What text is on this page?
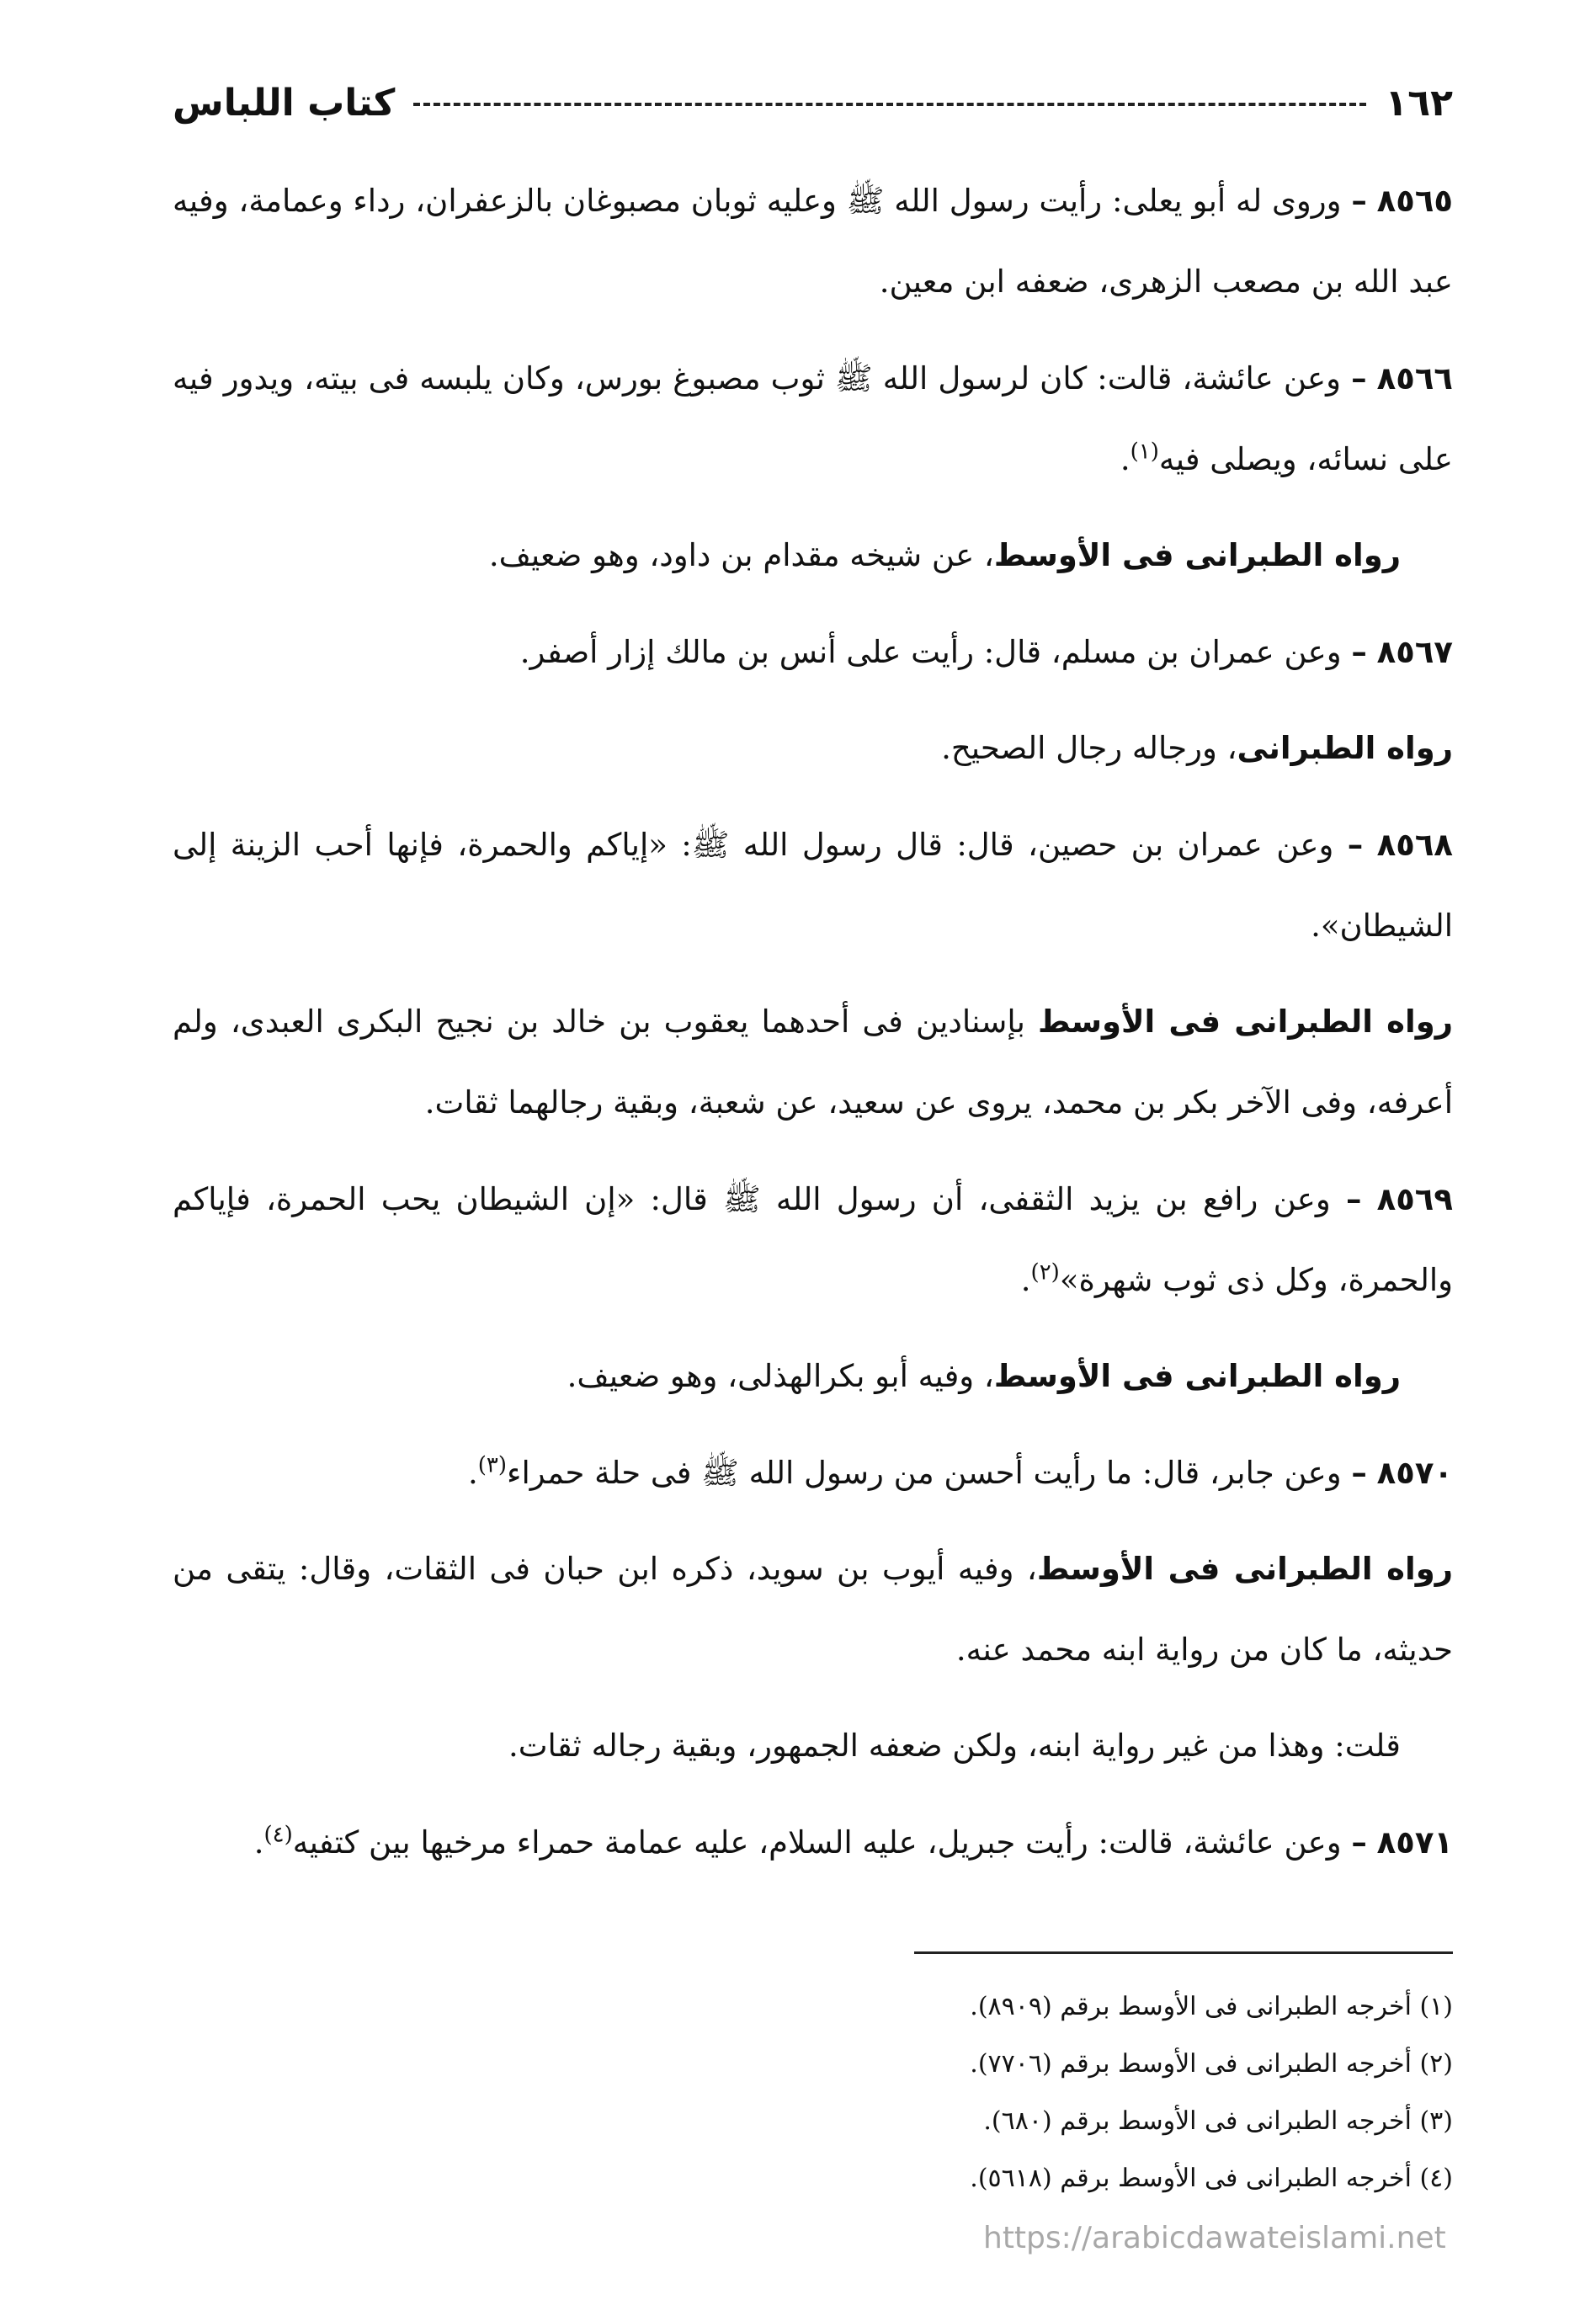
١٦٢
كتاب اللباس

٨٥٦٥ – وروى له أبو يعلى: رأيت رسول الله ﷺ وعليه ثوبان مصبوغان بالزعفران، رداء وعمامة، وفيه عبد الله بن مصعب الزهرى، ضعفه ابن معين.

٨٥٦٦ – وعن عائشة، قالت: كان لرسول الله ﷺ ثوب مصبوغ بورس، وكان يلبسه فى بيته، ويدور فيه على نسائه، ويصلى فيه$^{(١)}$.

رواه الطبرانى فى الأوسط، عن شيخه مقدام بن داود، وهو ضعيف.

٨٥٦٧ – وعن عمران بن مسلم، قال: رأيت على أنس بن مالك إزار أصفر.

رواه الطبرانى، ورجاله رجال الصحيح.

٨٥٦٨ – وعن عمران بن حصين، قال: قال رسول الله ﷺ: «إياكم والحمرة، فإنها أحب الزينة إلى الشيطان».

رواه الطبرانى فى الأوسط بإسنادين فى أحدهما يعقوب بن خالد بن نجيح البكرى العبدى، ولم أعرفه، وفى الآخر بكر بن محمد، يروى عن سعيد، عن شعبة، وبقية رجالهما ثقات.

٨٥٦٩ – وعن رافع بن يزيد الثقفى، أن رسول الله ﷺ قال: «إن الشيطان يحب الحمرة، فإياكم والحمرة، وكل ذى ثوب شهرة»$^{(٢)}$.

رواه الطبرانى فى الأوسط، وفيه أبو بكرالهذلى، وهو ضعيف.

٨٥٧٠ – وعن جابر، قال: ما رأيت أحسن من رسول الله ﷺ فى حلة حمراء$^{(٣)}$.

رواه الطبرانى فى الأوسط، وفيه أيوب بن سويد، ذكره ابن حبان فى الثقات، وقال: يتقى من حديثه، ما كان من رواية ابنه محمد عنه.

قلت: وهذا من غير رواية ابنه، ولكن ضعفه الجمهور، وبقية رجاله ثقات.

٨٥٧١ – وعن عائشة، قالت: رأيت جبريل، عليه السلام، عليه عمامة حمراء مرخيها بين كتفيه$^{(٤)}$.

(١) أخرجه الطبرانى فى الأوسط برقم (٨٩٠٩).

(٢) أخرجه الطبرانى فى الأوسط برقم (٧٧٠٦).

(٣) أخرجه الطبرانى فى الأوسط برقم (٦٨٠).

(٤) أخرجه الطبرانى فى الأوسط برقم (٥٦١٨).

https://arabicdawateislami.net
